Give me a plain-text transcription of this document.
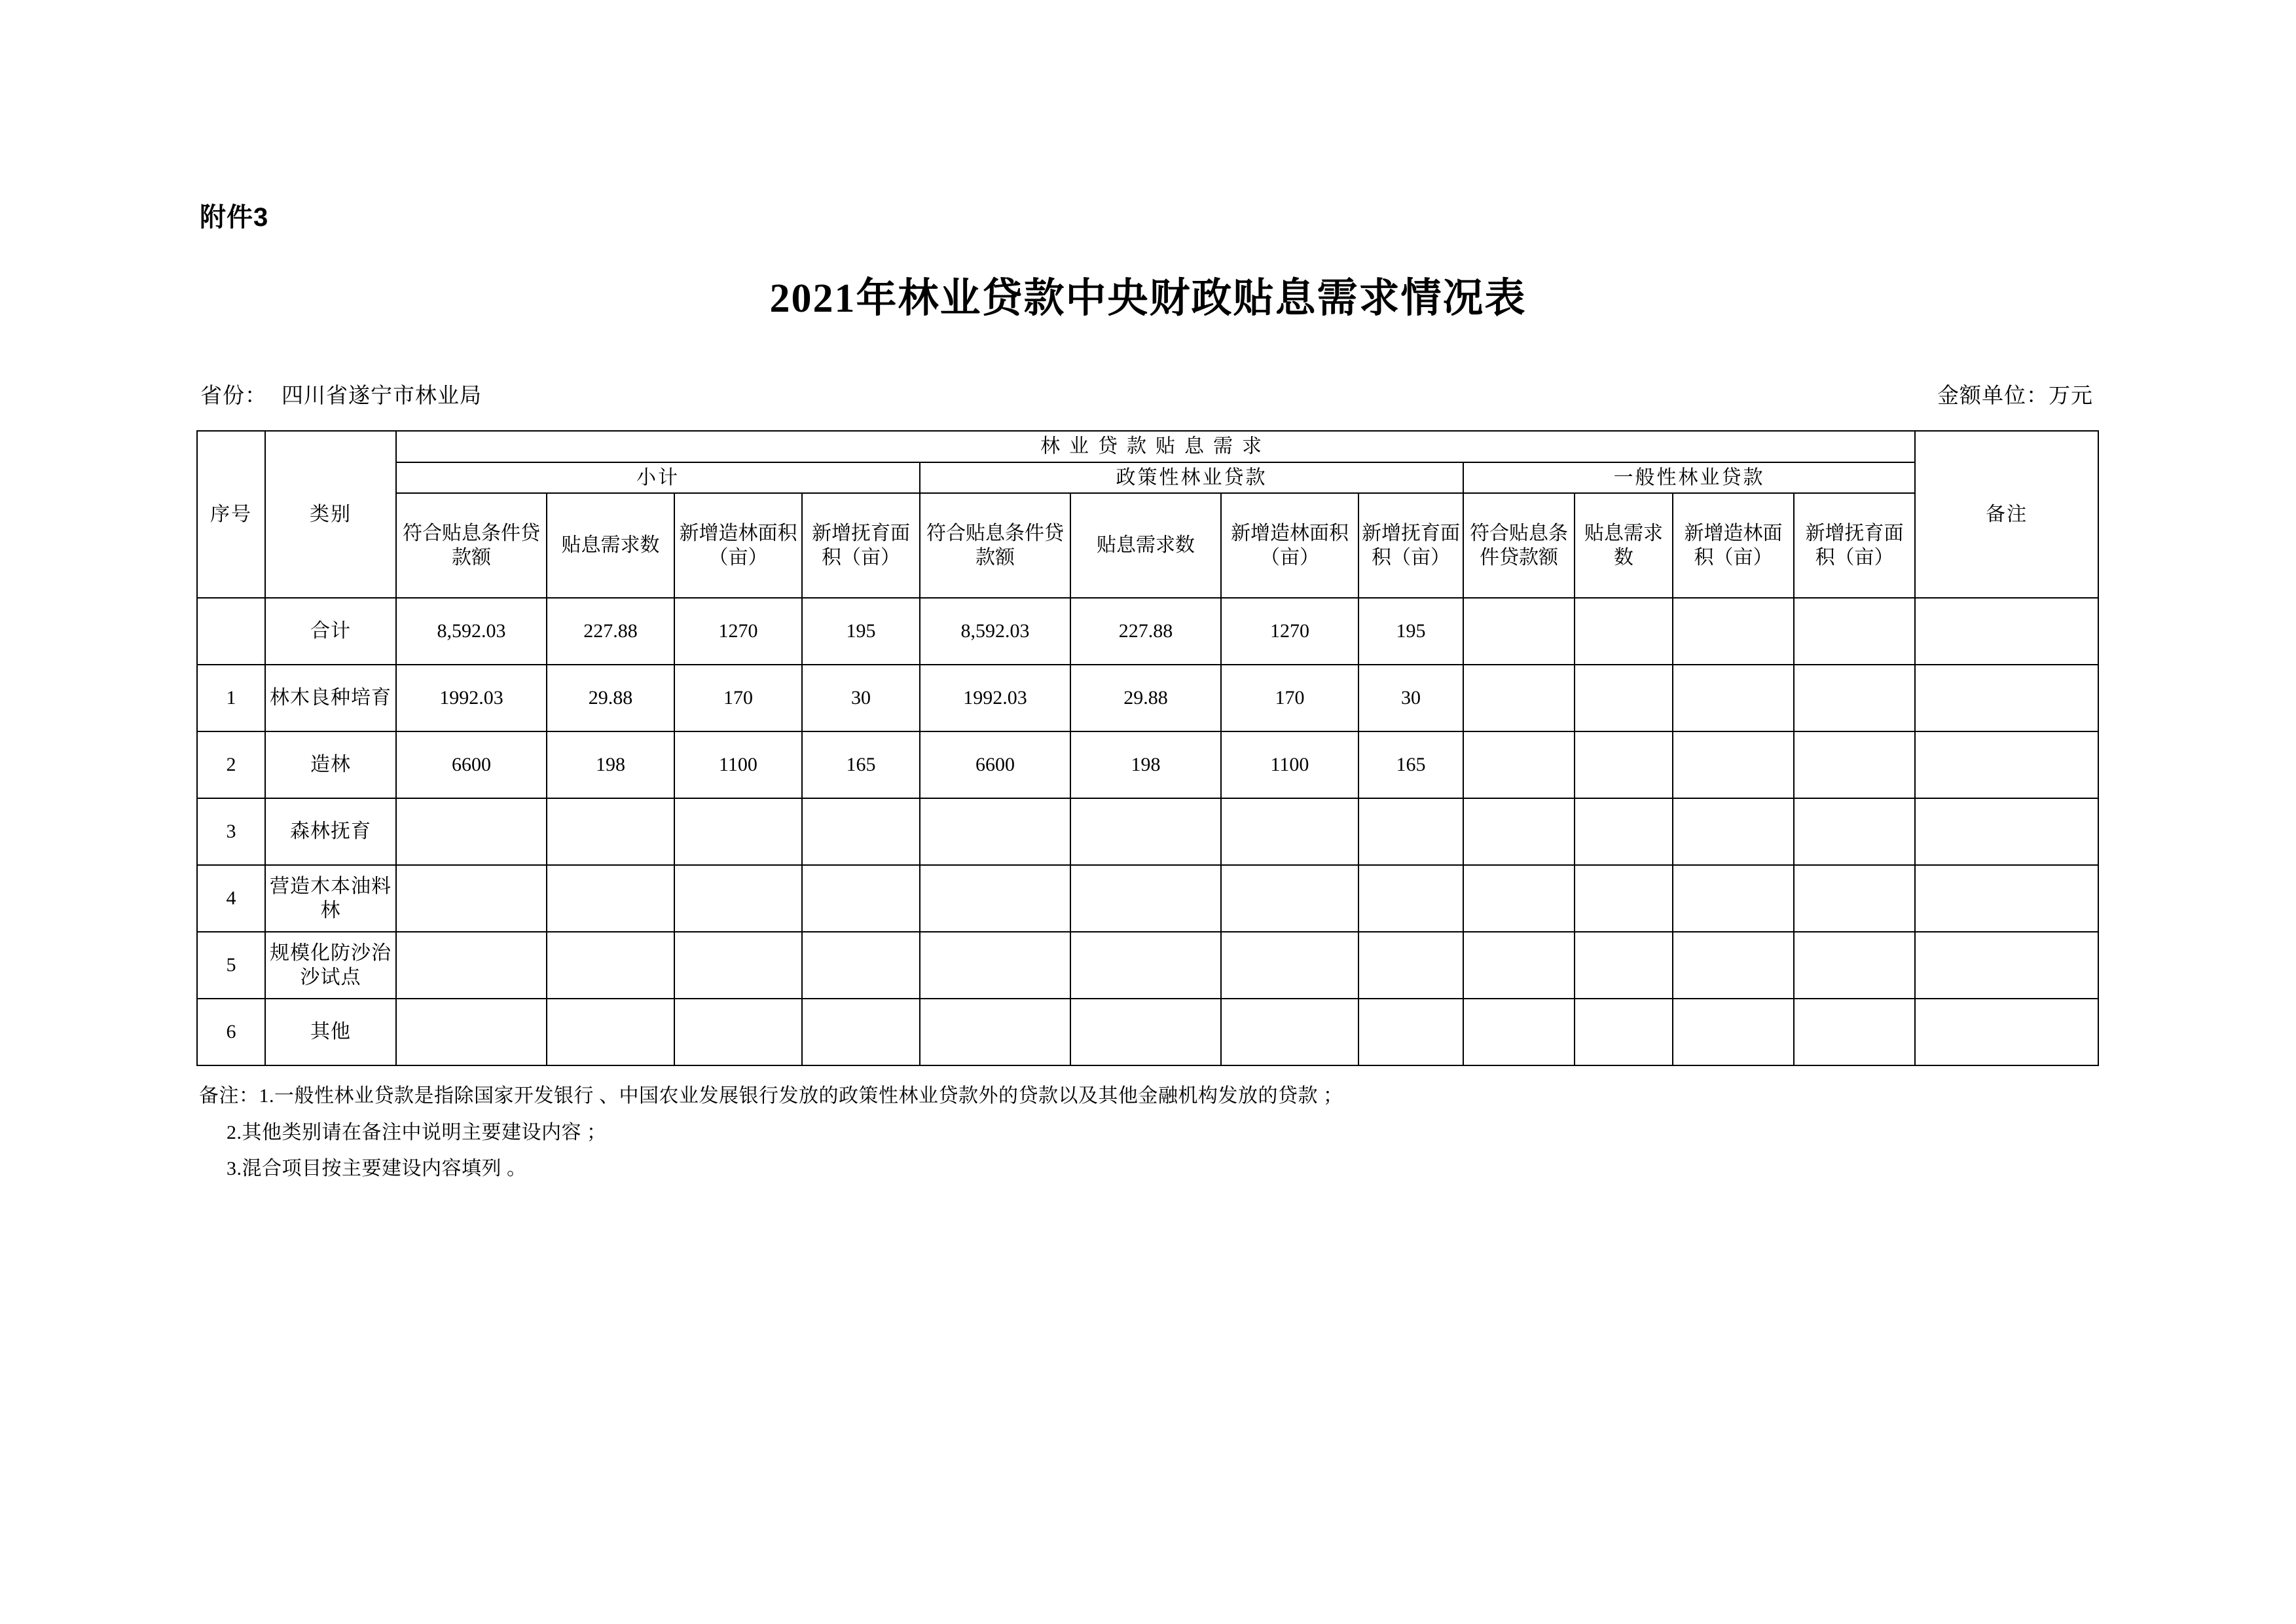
附件3
2021年林业贷款中央财政贴息需求情况表
省份： 四川省遂宁市林业局	金额单位：万元
序号	类别	林业贷款贴息需求												备注
		小计				政策性林业贷款				一般性林业贷款				
		符合贴息条件贷款额	贴息需求数	新增造林面积（亩）	新增抚育面积（亩）	符合贴息条件贷款额	贴息需求数	新增造林面积（亩）	新增抚育面积（亩）	符合贴息条件贷款额	贴息需求数	新增造林面积（亩）	新增抚育面积（亩）	
	合计	8,592.03	227.88	1270	195	8,592.03	227.88	1270	195					
1	林木良种培育	1992.03	29.88	170	30	1992.03	29.88	170	30					
2	造林	6600	198	1100	165	6600	198	1100	165					
3	森林抚育													
4	营造木本油料林													
5	规模化防沙治沙试点													
6	其他													
备注：1.一般性林业贷款是指除国家开发银行 、中国农业发展银行发放的政策性林业贷款外的贷款以及其他金融机构发放的贷款 ；
2.其他类别请在备注中说明主要建设内容 ；
3.混合项目按主要建设内容填列 。
